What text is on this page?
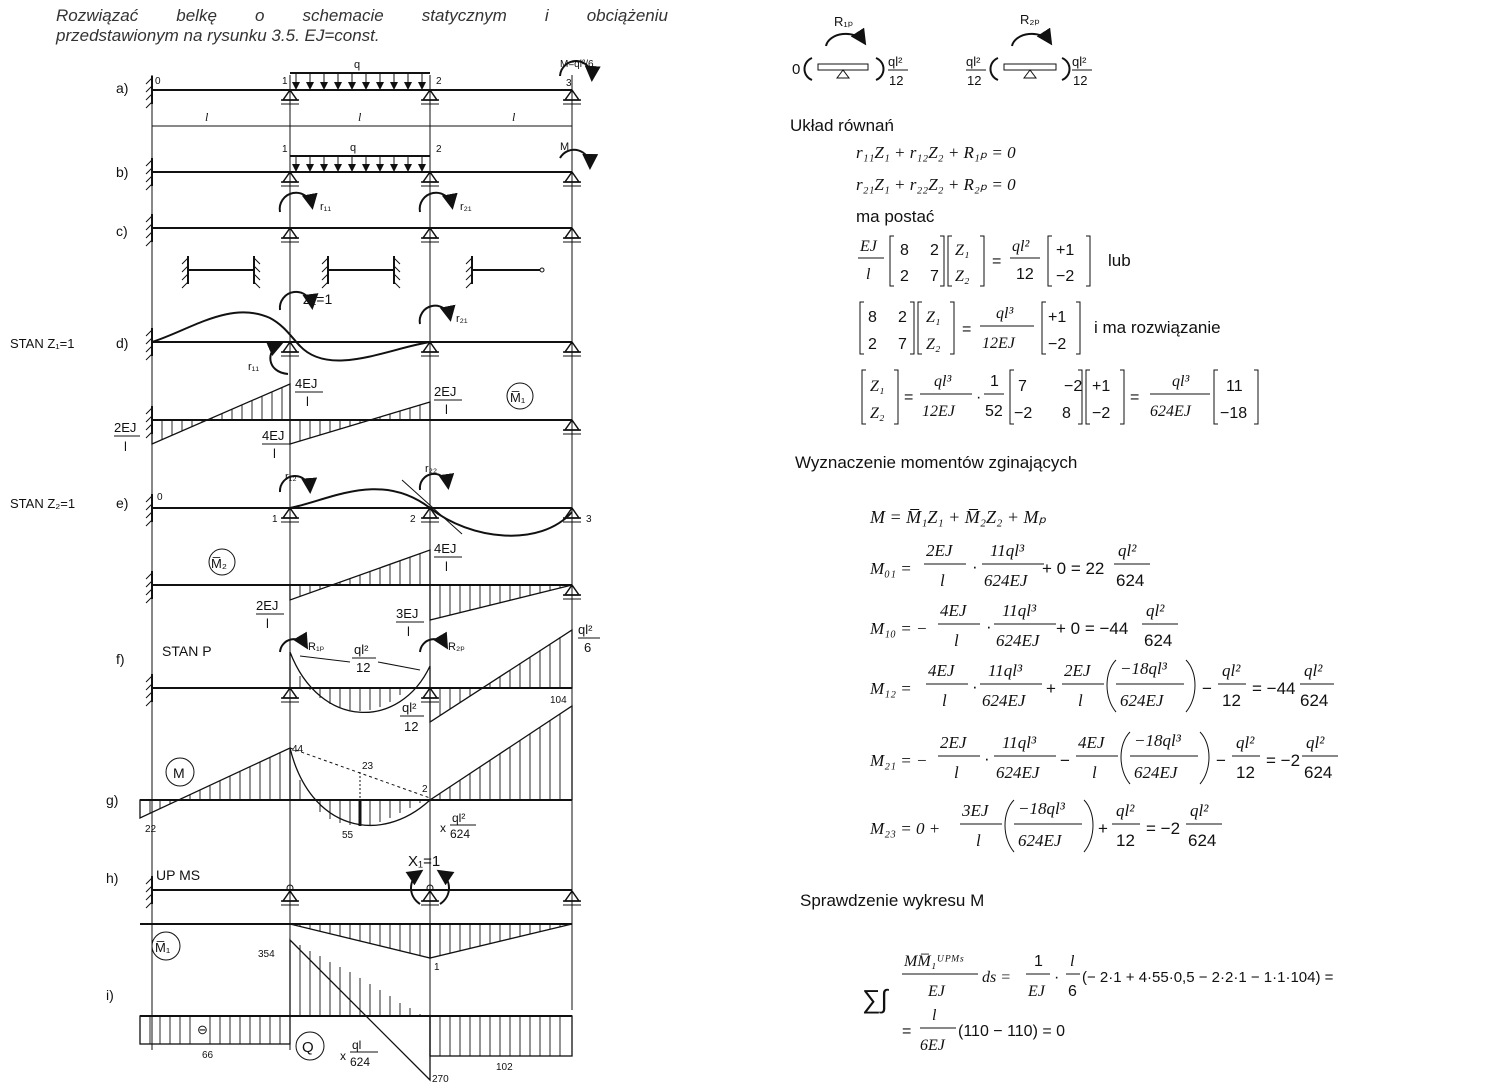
Rozwiązać belkę o schemacie statycznym i obciążeniu
przedstawionym na rysunku 3.5. EJ=const.
a)
b)
c)
d)
e)
f)
g)
h)
i)
q
0	1	2	3
M=ql²/6
l	l	l
q
1	2	M
r₁₁	r₂₁
STAN Z₁=1
Z₁=1
r₂₁
r₁₁
2EJ
l
4EJ
l
4EJ
l
2EJ
l
M̅₁
STAN Z₂=1
r₁₂
r₂₂
0
1	2	3
M̅₂
4EJ
l
2EJ
l
3EJ
l
STAN P	R₁ₚ	R₂ₚ
ql²
12
ql²
6
ql²
12
104
M
44
23
2
22
55
x
ql²
624
UP MS
X₁=1
M̅₁	354
1
⊖
66
102
270
Q x
ql
624
R₁ₚ
0	ql²
12
R₂ₚ
ql²
12
ql²
12
Układ równań
r₁₁Z₁ + r₁₂Z₂ + R₁ₚ = 0
r₂₁Z₁ + r₂₂Z₂ + R₂ₚ = 0
ma postać
EJ
l
8 2
2 7
Z₁
Z₂
=
ql²
12
+1
−2
lub
8 2
2 7
Z₁
Z₂
=
ql³
12EJ
+1
−2
i ma rozwiązanie
Z₁
Z₂
=
ql³
12EJ
·
1
52
7 −2
−2 8
+1
−2
=
ql³
624EJ
11
−18
Wyznaczenie momentów zginających
M = M̅₁Z₁ + M̅₂Z₂ + Mₚ
M₀₁ =
2EJ
l
·
11ql³
624EJ
+ 0 = 22
ql²
624
M₁₀ = −
4EJ
l
·
11ql³
624EJ
+ 0 = −44
ql²
624
M₁₂ =
4EJ
l
·
11ql³
624EJ
+
2EJ
l
−18ql³
624EJ
−
ql²
12
= −44
ql²
624
M₂₁ = −
2EJ
l
·
11ql³
624EJ
−
4EJ
l
−18ql³
624EJ
−
ql²
12
= −2
ql²
624
M₂₃ = 0 +
3EJ
l
−18ql³
624EJ
+
ql²
12
= −2
ql²
624
Sprawdzenie wykresu M
∑∫
MM̅₁ᵁᴾᴹˢ
EJ
ds =
1
EJ
·
l
6
(− 2·1 + 4·55·0,5 − 2·2·1 − 1·1·104) =
=
l
6EJ
(110 − 110) = 0
